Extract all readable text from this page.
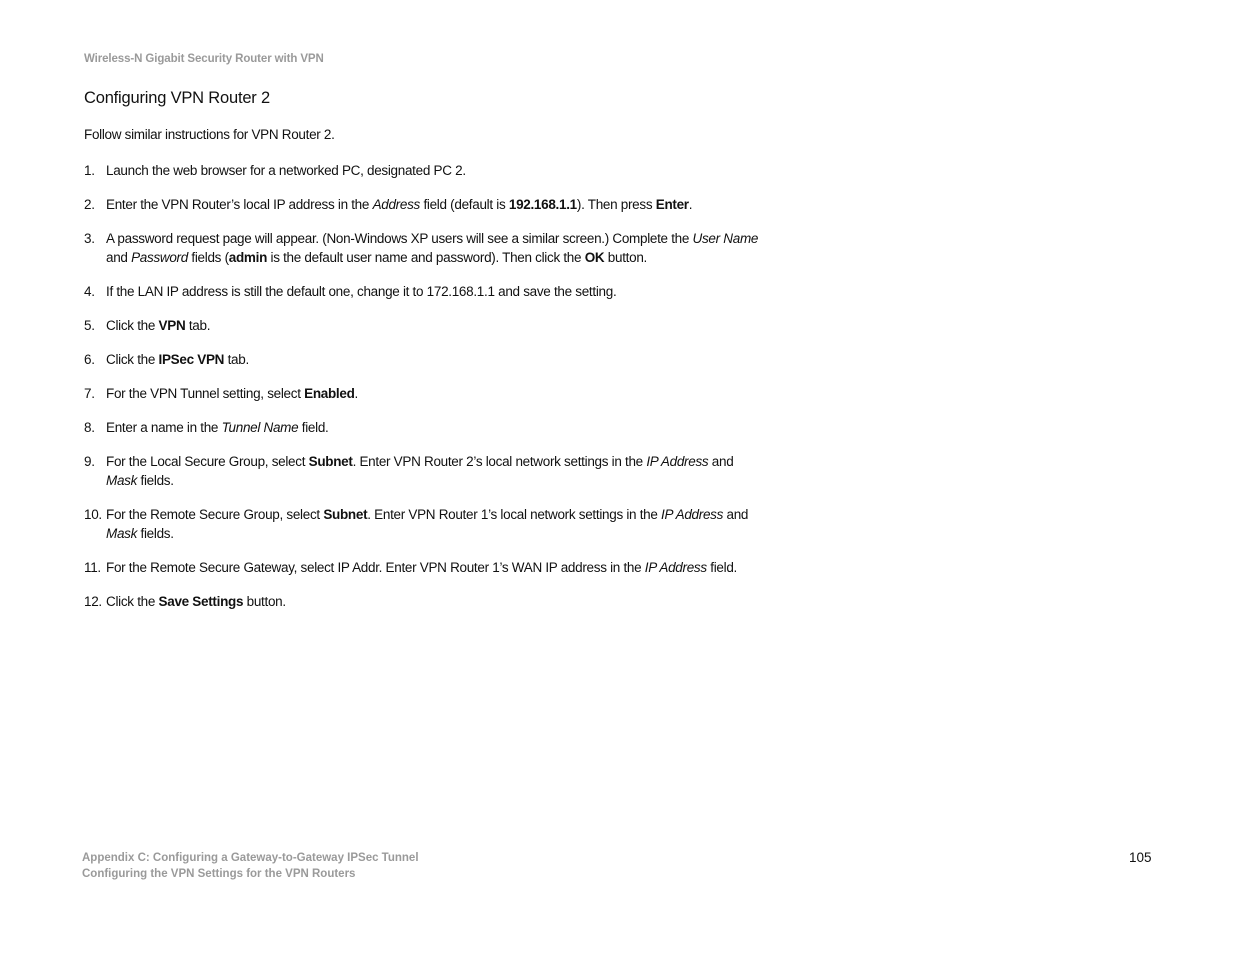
Wireless-N Gigabit Security Router with VPN
Configuring VPN Router 2

Follow similar instructions for VPN Router 2.

1. Launch the web browser for a networked PC, designated PC 2.
2. Enter the VPN Router’s local IP address in the Address field (default is 192.168.1.1). Then press Enter.
3. A password request page will appear. (Non-Windows XP users will see a similar screen.) Complete the User Name and Password fields (admin is the default user name and password). Then click the OK button.
4. If the LAN IP address is still the default one, change it to 172.168.1.1 and save the setting.
5. Click the VPN tab.
6. Click the IPSec VPN tab.
7. For the VPN Tunnel setting, select Enabled.
8. Enter a name in the Tunnel Name field.
9. For the Local Secure Group, select Subnet. Enter VPN Router 2’s local network settings in the IP Address and Mask fields.
10. For the Remote Secure Group, select Subnet. Enter VPN Router 1’s local network settings in the IP Address and Mask fields.
11. For the Remote Secure Gateway, select IP Addr. Enter VPN Router 1’s WAN IP address in the IP Address field.
12. Click the Save Settings button.
Appendix C: Configuring a Gateway-to-Gateway IPSec Tunnel
Configuring the VPN Settings for the VPN Routers
105
